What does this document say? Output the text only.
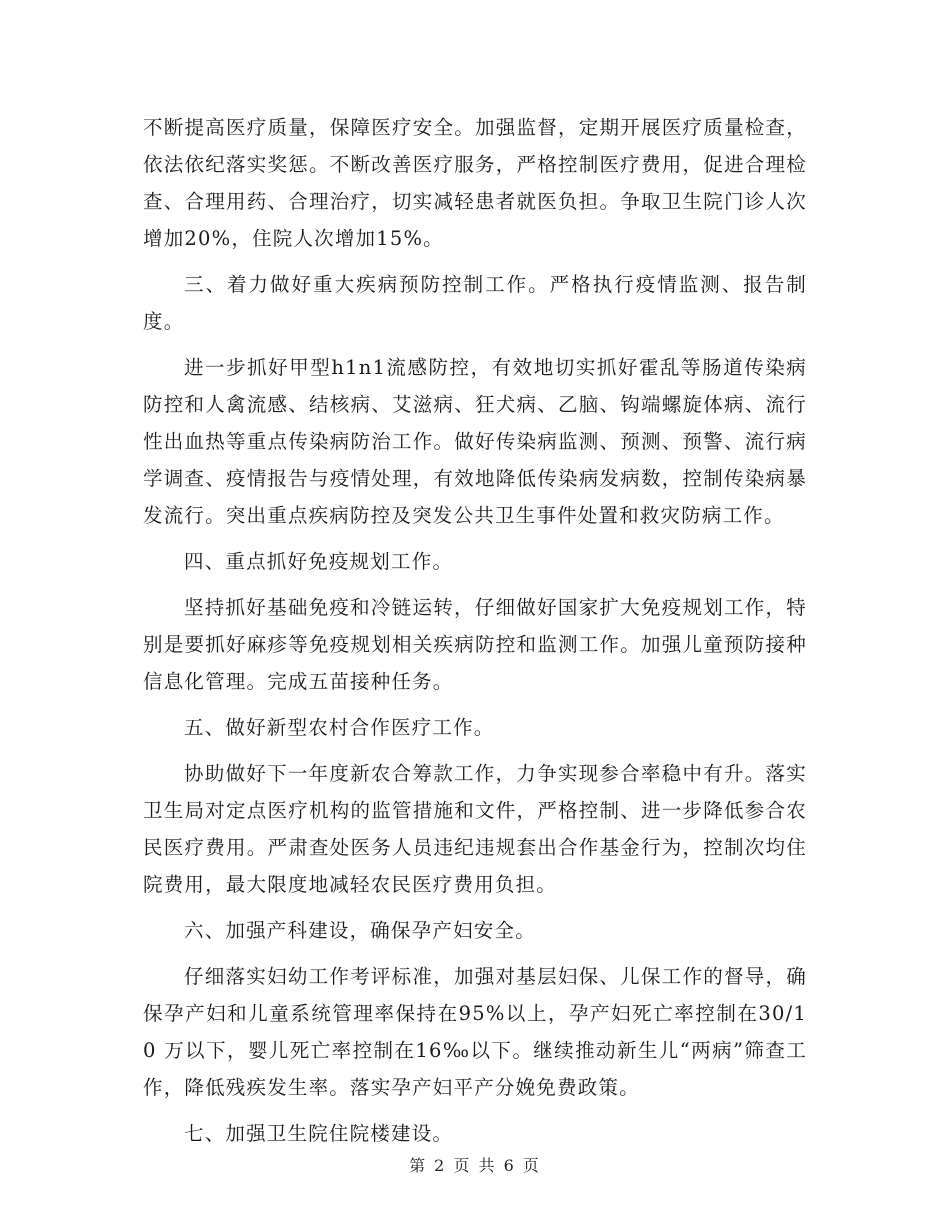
不断提高医疗质量，保障医疗安全。加强监督，定期开展医疗质量检查，依法依纪落实奖惩。不断改善医疗服务，严格控制医疗费用，促进合理检查、合理用药、合理治疗，切实减轻患者就医负担。争取卫生院门诊人次增加20%，住院人次增加15%。

三、着力做好重大疾病预防控制工作。严格执行疫情监测、报告制度。

进一步抓好甲型h1n1流感防控，有效地切实抓好霍乱等肠道传染病防控和人禽流感、结核病、艾滋病、狂犬病、乙脑、钩端螺旋体病、流行性出血热等重点传染病防治工作。做好传染病监测、预测、预警、流行病学调查、疫情报告与疫情处理，有效地降低传染病发病数，控制传染病暴发流行。突出重点疾病防控及突发公共卫生事件处置和救灾防病工作。

四、重点抓好免疫规划工作。

坚持抓好基础免疫和冷链运转，仔细做好国家扩大免疫规划工作，特别是要抓好麻疹等免疫规划相关疾病防控和监测工作。加强儿童预防接种信息化管理。完成五苗接种任务。

五、做好新型农村合作医疗工作。

协助做好下一年度新农合筹款工作，力争实现参合率稳中有升。落实卫生局对定点医疗机构的监管措施和文件，严格控制、进一步降低参合农民医疗费用。严肃查处医务人员违纪违规套出合作基金行为，控制次均住院费用，最大限度地减轻农民医疗费用负担。

六、加强产科建设，确保孕产妇安全。

仔细落实妇幼工作考评标准，加强对基层妇保、儿保工作的督导，确保孕产妇和儿童系统管理率保持在95%以上，孕产妇死亡率控制在30/10 万以下，婴儿死亡率控制在16‰以下。继续推动新生儿“两病”筛查工作，降低残疾发生率。落实孕产妇平产分娩免费政策。

七、加强卫生院住院楼建设。

第 2 页 共 6 页
